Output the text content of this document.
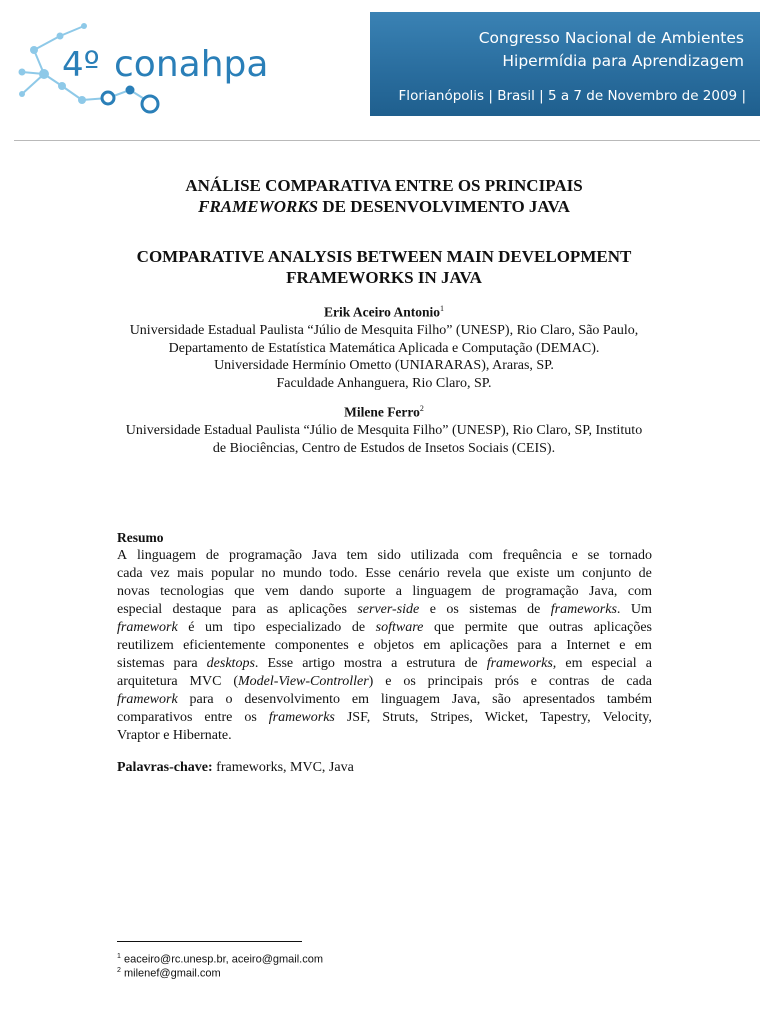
4º conahpa
Congresso Nacional de Ambientes
Hipermídia para Aprendizagem
Florianópolis | Brasil | 5 a 7 de Novembro de 2009 |
ANÁLISE COMPARATIVA ENTRE OS PRINCIPAIS
FRAMEWORKS DE DESENVOLVIMENTO JAVA
COMPARATIVE ANALYSIS BETWEEN MAIN DEVELOPMENT
FRAMEWORKS IN JAVA
Erik Aceiro Antonio$^1$
Universidade Estadual Paulista “Júlio de Mesquita Filho” (UNESP), Rio Claro, São Paulo,
Departamento de Estatística Matemática Aplicada e Computação (DEMAC).
Universidade Hermínio Ometto (UNIARARAS), Araras, SP.
Faculdade Anhanguera, Rio Claro, SP.
Milene Ferro$^2$
Universidade Estadual Paulista “Júlio de Mesquita Filho” (UNESP), Rio Claro, SP, Instituto
de Biociências, Centro de Estudos de Insetos Sociais (CEIS).
Resumo
A linguagem de programação Java tem sido utilizada com frequência e se tornado
cada vez mais popular no mundo todo. Esse cenário revela que existe um conjunto de
novas tecnologias que vem dando suporte a linguagem de programação Java, com
especial destaque para as aplicações server-side e os sistemas de frameworks. Um
framework é um tipo especializado de software que permite que outras aplicações
reutilizem eficientemente componentes e objetos em aplicações para a Internet e em
sistemas para desktops. Esse artigo mostra a estrutura de frameworks, em especial a
arquitetura MVC (Model-View-Controller) e os principais prós e contras de cada
framework para o desenvolvimento em linguagem Java, são apresentados também
comparativos entre os frameworks JSF, Struts, Stripes, Wicket, Tapestry, Velocity,
Vraptor e Hibernate.
Palavras-chave: frameworks, MVC, Java
$^1$ eaceiro@rc.unesp.br, aceiro@gmail.com
$^2$ milenef@gmail.com
